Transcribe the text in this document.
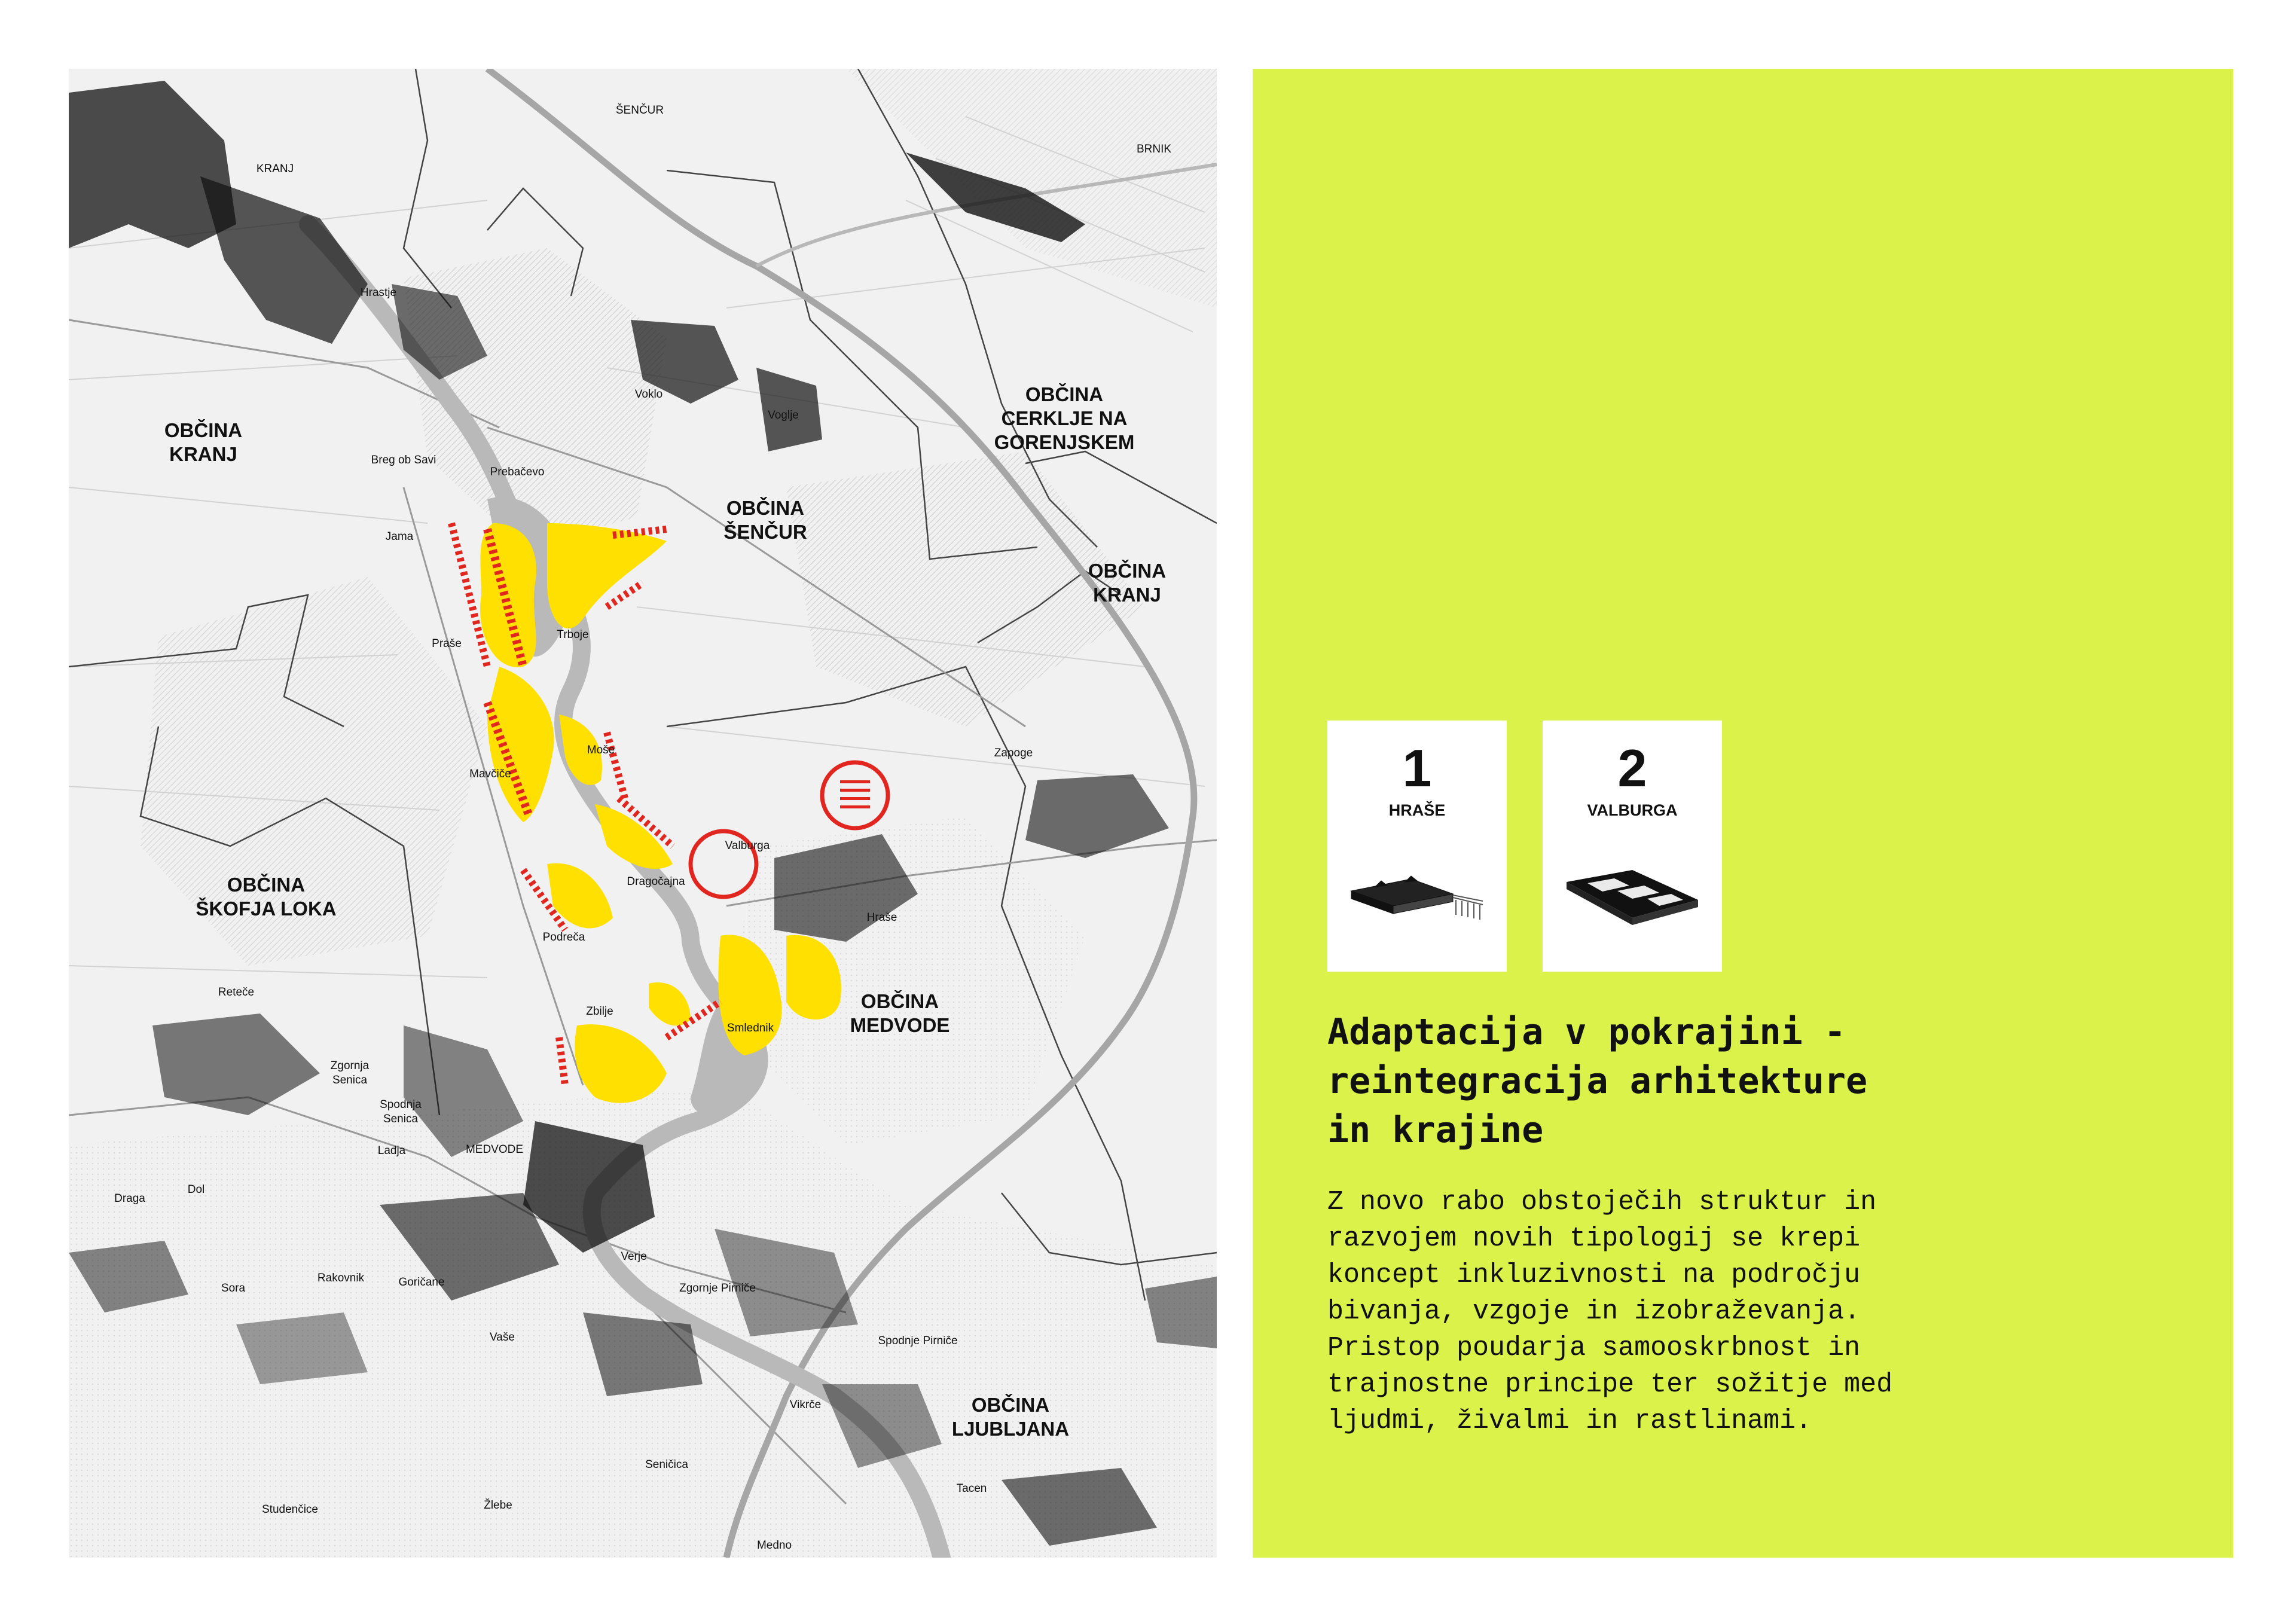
ŠENČUR
BRNIK
KRANJ
Hrastje
Voklo
Voglje
Breg ob Savi
Prebačevo
Jama
Trboje
Praše
Moše
Mavčiče
Zapoge
Valburga
Dragočajna
Hraše
Podreča
Reteče
Zbilje
Smlednik
Zgornja
Senica
Spodnja
Senica
Ladja	MEDVODE
Draga
Dol
Sora
Rakovnik	Goričane
Verje
Zgornje Pirniče
Vaše	Spodnje Pirniče
Vikrče
Seničica
Studenčice	Žlebe
Tacen
Medno
OBČINA
KRANJ
OBČINA
ŠENČUR
OBČINA
CERKLJE NA
GORENJSKEM
OBČINA
KRANJ
OBČINA
ŠKOFJA LOKA
OBČINA
MEDVODE
OBČINA
LJUBLJANA
1
HRAŠE
2
VALBURGA
Adaptacija v pokrajini -
reintegracija arhitekture
in krajine

Z novo rabo obstoječih struktur in
razvojem novih tipologij se krepi
koncept inkluzivnosti na področju
bivanja, vzgoje in izobraževanja.
Pristop poudarja samooskrbnost in
trajnostne principe ter sožitje med
ljudmi, živalmi in rastlinami.
